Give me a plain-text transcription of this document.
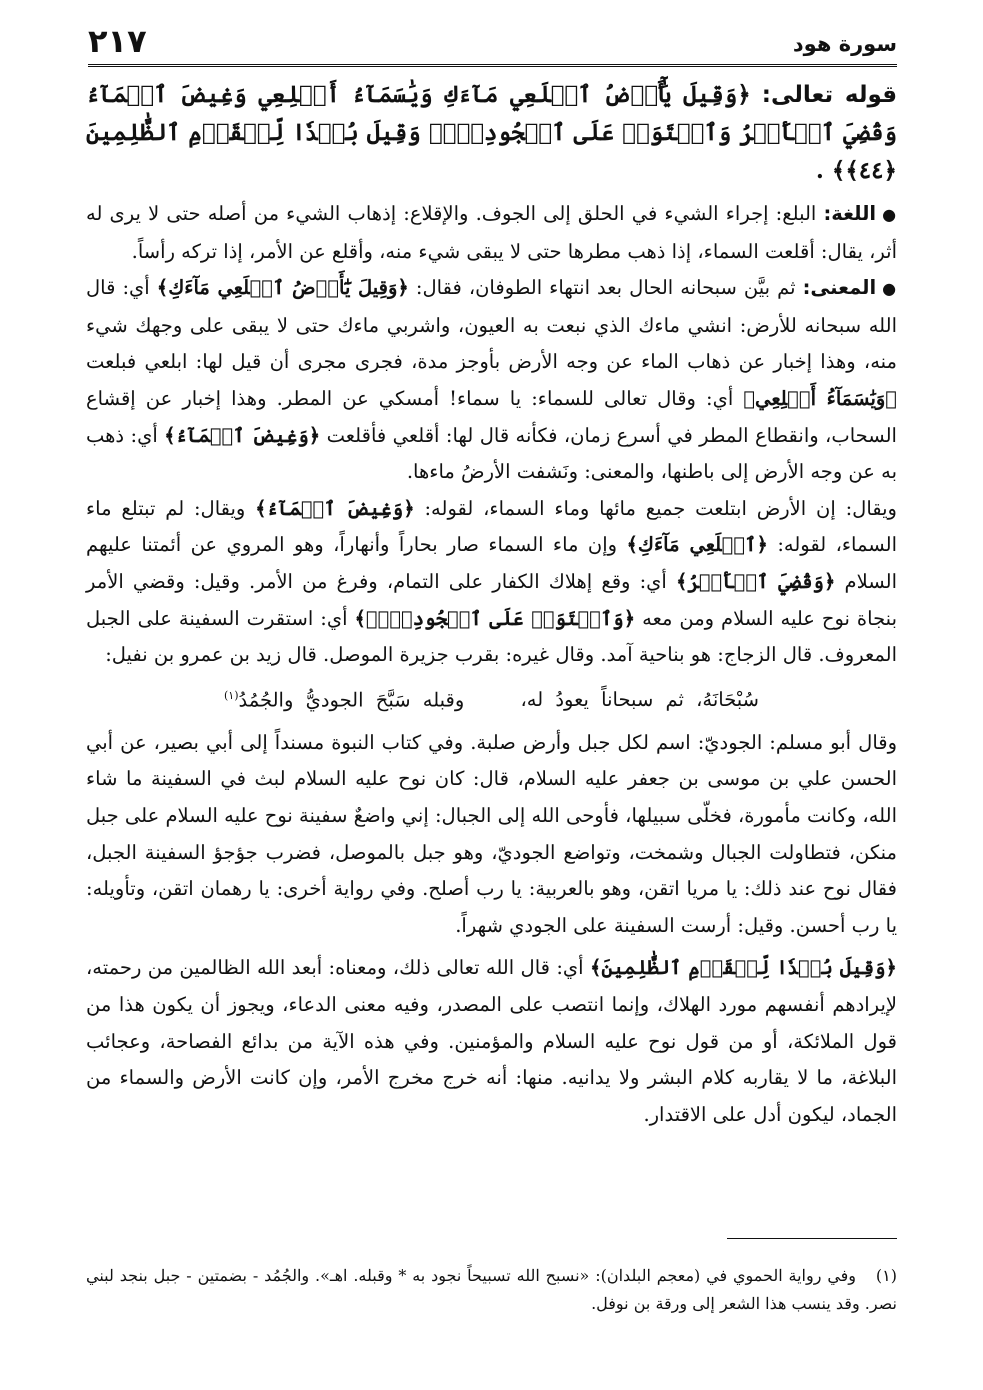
سورة هود
٢١٧

قوله تعالى: ﴿وَقِيلَ يَٰٓأَرۡضُ ٱبۡلَعِي مَآءَكِ وَيَٰسَمَآءُ أَقۡلِعِي وَغِيضَ ٱلۡمَآءُ وَقُضِيَ ٱلۡأَمۡرُ وَٱسۡتَوَتۡ عَلَى ٱلۡجُودِيِّۖ وَقِيلَ بُعۡدٗا لِّلۡقَوۡمِ ٱلظَّٰلِمِينَ ﴿٤٤﴾﴾ .

●اللغة: البلع: إجراء الشيء في الحلق إلى الجوف. والإقلاع: إذهاب الشيء من أصله حتى لا يرى له أثر، يقال: أقلعت السماء، إذا ذهب مطرها حتى لا يبقى شيء منه، وأقلع عن الأمر، إذا تركه رأساً.

●المعنى: ثم بيَّن سبحانه الحال بعد انتهاء الطوفان، فقال: ﴿وَقِيلَ يَٰٓأَرۡضُ ٱبۡلَعِي مَآءَكِ﴾ أي: قال الله سبحانه للأرض: انشي ماءك الذي نبعت به العيون، واشربي ماءك حتى لا يبقى على وجهك شيء منه، وهذا إخبار عن ذهاب الماء عن وجه الأرض بأوجز مدة، فجرى مجرى أن قيل لها: ابلعي فبلعت ﴿وَيَٰسَمَآءُ أَقۡلِعِي﴾ أي: وقال تعالى للسماء: يا سماء! أمسكي عن المطر. وهذا إخبار عن إقشاع السحاب، وانقطاع المطر في أسرع زمان، فكأنه قال لها: أقلعي فأقلعت ﴿وَغِيضَ ٱلۡمَآءُ﴾ أي: ذهب به عن وجه الأرض إلى باطنها، والمعنى: ونَشفت الأرضُ ماءها.

ويقال: إن الأرض ابتلعت جميع مائها وماء السماء، لقوله: ﴿وَغِيضَ ٱلۡمَآءُ﴾ ويقال: لم تبتلع ماء السماء، لقوله: ﴿ٱبۡلَعِي مَآءَكِ﴾ وإن ماء السماء صار بحاراً وأنهاراً، وهو المروي عن أئمتنا عليهم السلام ﴿وَقُضِيَ ٱلۡأَمۡرُ﴾ أي: وقع إهلاك الكفار على التمام، وفرغ من الأمر. وقيل: وقضي الأمر بنجاة نوح عليه السلام ومن معه ﴿وَٱسۡتَوَتۡ عَلَى ٱلۡجُودِيِّۖ﴾ أي: استقرت السفينة على الجبل المعروف. قال الزجاج: هو بناحية آمد. وقال غيره: بقرب جزيرة الموصل. قال زيد بن عمرو بن نفيل:

سُبْحَانَهُ، ثم سبحاناً يعودُ له، وقبله سَبَّحَ الجوديُّ والجُمُدُ$^{(١)}$

وقال أبو مسلم: الجوديّ: اسم لكل جبل وأرض صلبة. وفي كتاب النبوة مسنداً إلى أبي بصير، عن أبي الحسن علي بن موسى بن جعفر عليه السلام، قال: كان نوح عليه السلام لبث في السفينة ما شاء الله، وكانت مأمورة، فخلّى سبيلها، فأوحى الله إلى الجبال: إني واضعٌ سفينة نوح عليه السلام على جبل منكن، فتطاولت الجبال وشمخت، وتواضع الجوديّ، وهو جبل بالموصل، فضرب جؤجؤ السفينة الجبل، فقال نوح عند ذلك: يا مريا اتقن، وهو بالعربية: يا رب أصلح. وفي رواية أخرى: يا رهمان اتقن، وتأويله: يا رب أحسن. وقيل: أرست السفينة على الجودي شهراً.

﴿وَقِيلَ بُعۡدٗا لِّلۡقَوۡمِ ٱلظَّٰلِمِينَ﴾ أي: قال الله تعالى ذلك، ومعناه: أبعد الله الظالمين من رحمته، لإيرادهم أنفسهم مورد الهلاك، وإنما انتصب على المصدر، وفيه معنى الدعاء، ويجوز أن يكون هذا من قول الملائكة، أو من قول نوح عليه السلام والمؤمنين. وفي هذه الآية من بدائع الفصاحة، وعجائب البلاغة، ما لا يقاربه كلام البشر ولا يدانيه. منها: أنه خرج مخرج الأمر، وإن كانت الأرض والسماء من الجماد، ليكون أدل على الاقتدار.

(١) وفي رواية الحموي في (معجم البلدان): «نسبح الله تسبيحاً نجود به * وقبله. اهـ». والجُمُد - بضمتين - جبل بنجد لبني نصر. وقد ينسب هذا الشعر إلى ورقة بن نوفل.
